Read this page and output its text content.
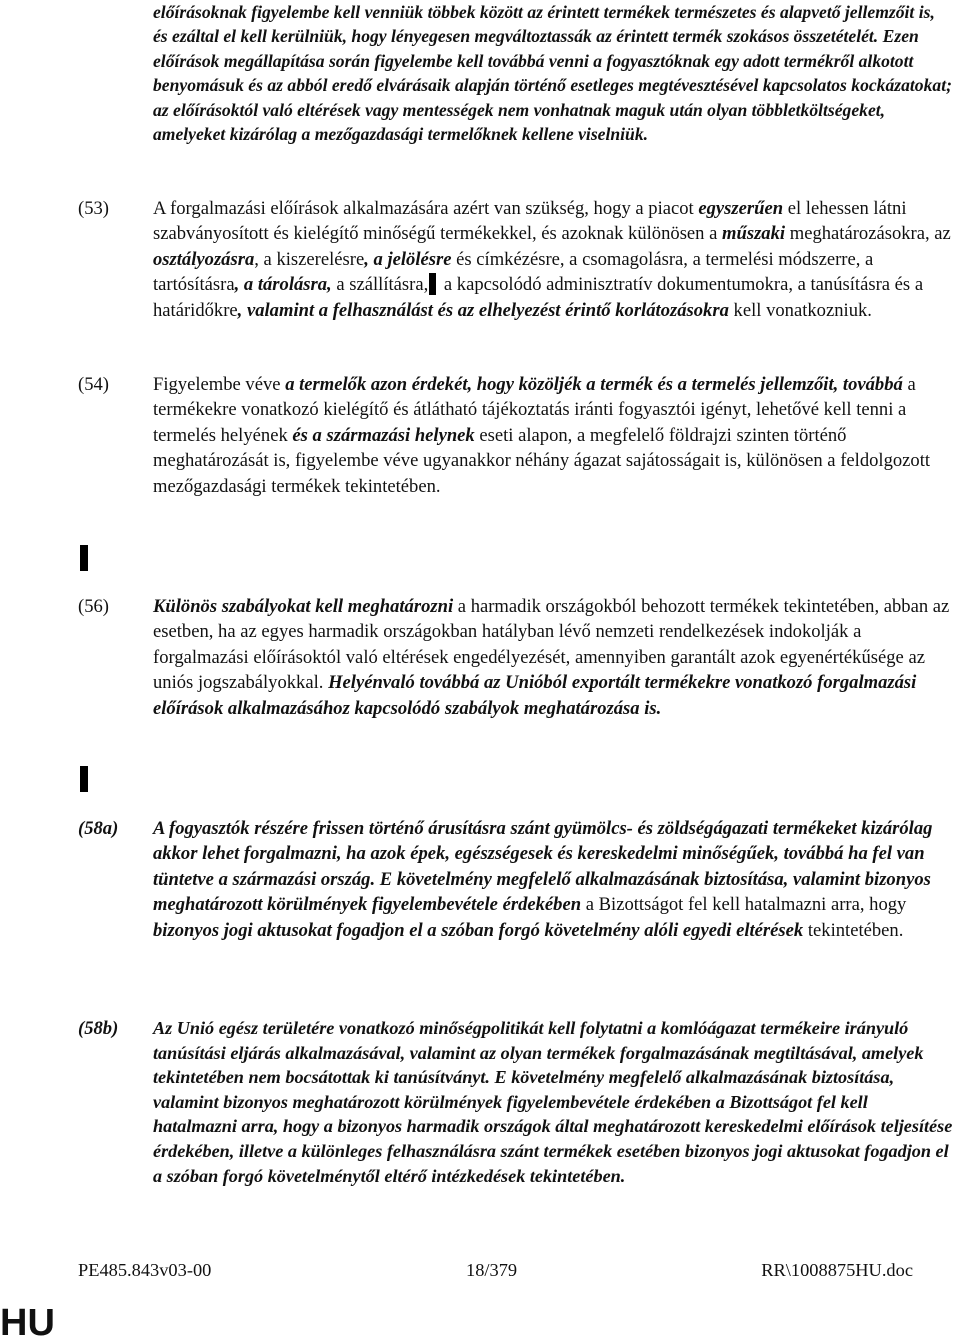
előírásoknak figyelembe kell venniük többek között az érintett termékek természetes és alapvető jellemzőit is, és ezáltal el kell kerülniük, hogy lényegesen megváltoztassák az érintett termék szokásos összetételét. Ezen előírások megállapítása során figyelembe kell továbbá venni a fogyasztóknak egy adott termékről alkotott benyomásuk és az abból eredő elvárásaik alapján történő esetleges megtévesztésével kapcsolatos kockázatokat; az előírásoktól való eltérések vagy mentességek nem vonhatnak maguk után olyan többletköltségeket, amelyeket kizárólag a mezőgazdasági termelőknek kellene viselniük.
(53) A forgalmazási előírások alkalmazására azért van szükség, hogy a piacot egyszerűen el lehessen látni szabványosított és kielégítő minőségű termékekkel, és azoknak különösen a műszaki meghatározásokra, az osztályozásra, a kiszerelésre, a jelölésre és címkézésre, a csomagolásra, a termelési módszerre, a tartósításra, a tárolásra, a szállításra, a kapcsolódó adminisztratív dokumentumokra, a tanúsításra és a határidőkre, valamint a felhasználást és az elhelyezést érintő korlátozásokra kell vonatkozniuk.
(54) Figyelembe véve a termelők azon érdekét, hogy közöljék a termék és a termelés jellemzőit, továbbá a termékekre vonatkozó kielégítő és átlátható tájékoztatás iránti fogyasztói igényt, lehetővé kell tenni a termelés helyének és a származási helynek eseti alapon, a megfelelő földrajzi szinten történő meghatározását is, figyelembe véve ugyanakkor néhány ágazat sajátosságait is, különösen a feldolgozott mezőgazdasági termékek tekintetében.
(56) Különös szabályokat kell meghatározni a harmadik országokból behozott termékek tekintetében, abban az esetben, ha az egyes harmadik országokban hatályban lévő nemzeti rendelkezések indokolják a forgalmazási előírásoktól való eltérések engedélyezését, amennyiben garantált azok egyenértékűsége az uniós jogszabályokkal. Helyénvaló továbbá az Unióból exportált termékekre vonatkozó forgalmazási előírások alkalmazásához kapcsolódó szabályok meghatározása is.
(58a) A fogyasztók részére frissen történő árusításra szánt gyümölcs- és zöldségágazati termékeket kizárólag akkor lehet forgalmazni, ha azok épek, egészségesek és kereskedelmi minőségűek, továbbá ha fel van tüntetve a származási ország. E követelmény megfelelő alkalmazásának biztosítása, valamint bizonyos meghatározott körülmények figyelembevétele érdekében a Bizottságot fel kell hatalmazni arra, hogy bizonyos jogi aktusokat fogadjon el a szóban forgó követelmény alóli egyedi eltérések tekintetében.
(58b) Az Unió egész területére vonatkozó minőségpolitikát kell folytatni a komlóágazat termékeire irányuló tanúsítási eljárás alkalmazásával, valamint az olyan termékek forgalmazásának megtiltásával, amelyek tekintetében nem bocsátottak ki tanúsítványt. E követelmény megfelelő alkalmazásának biztosítása, valamint bizonyos meghatározott körülmények figyelembevétele érdekében a Bizottságot fel kell hatalmazni arra, hogy a bizonyos harmadik országok által meghatározott kereskedelmi előírások teljesítése érdekében, illetve a különleges felhasználásra szánt termékek esetében bizonyos jogi aktusokat fogadjon el a szóban forgó követelménytől eltérő intézkedések tekintetében.
PE485.843v03-00	18/379	RR\1008875HU.doc
HU
